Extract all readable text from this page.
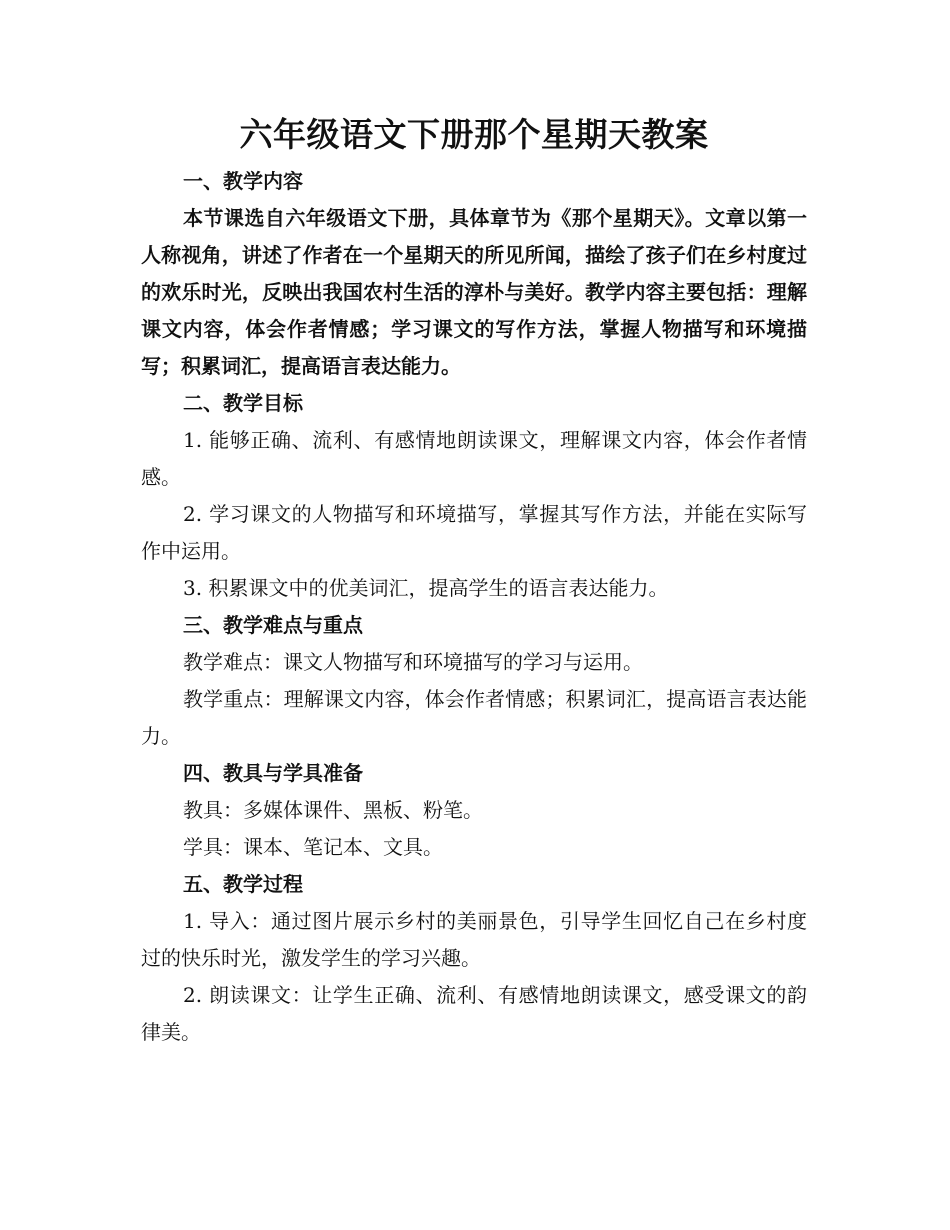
六年级语文下册那个星期天教案

一、教学内容

本节课选自六年级语文下册，具体章节为《那个星期天》。文章以第一人称视角，讲述了作者在一个星期天的所见所闻，描绘了孩子们在乡村度过的欢乐时光，反映出我国农村生活的淳朴与美好。教学内容主要包括：理解课文内容，体会作者情感；学习课文的写作方法，掌握人物描写和环境描写；积累词汇，提高语言表达能力。

二、教学目标

1. 能够正确、流利、有感情地朗读课文，理解课文内容，体会作者情感。

2. 学习课文的人物描写和环境描写，掌握其写作方法，并能在实际写作中运用。

3. 积累课文中的优美词汇，提高学生的语言表达能力。

三、教学难点与重点

教学难点：课文人物描写和环境描写的学习与运用。

教学重点：理解课文内容，体会作者情感；积累词汇，提高语言表达能力。

四、教具与学具准备

教具：多媒体课件、黑板、粉笔。

学具：课本、笔记本、文具。

五、教学过程

1. 导入：通过图片展示乡村的美丽景色，引导学生回忆自己在乡村度过的快乐时光，激发学生的学习兴趣。

2. 朗读课文：让学生正确、流利、有感情地朗读课文，感受课文的韵律美。
